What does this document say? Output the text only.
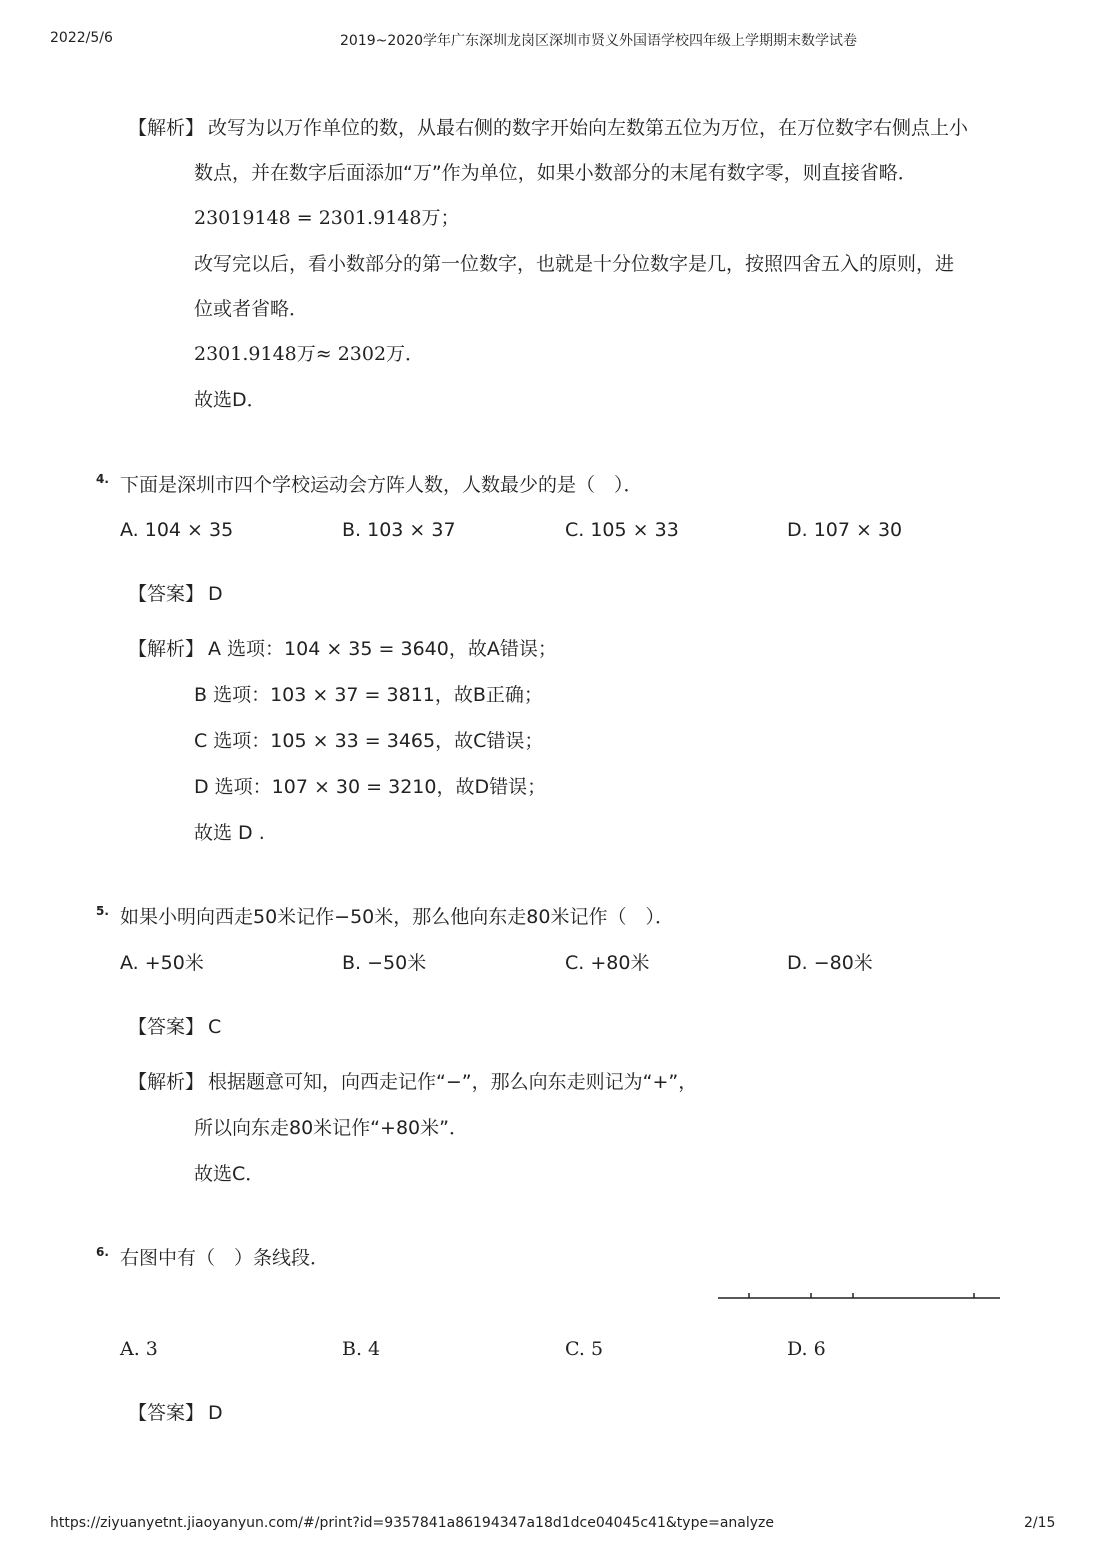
2022/5/6	2019~2020学年广东深圳龙岗区深圳市贤义外国语学校四年级上学期期末数学试卷
【解析】 改写为以万作单位的数，从最右侧的数字开始向左数第五位为万位，在万位数字右侧点上小
数点，并在数字后面添加“万”作为单位，如果小数部分的末尾有数字零，则直接省略．
23019148 = 2301.9148万；
改写完以后，看小数部分的第一位数字，也就是十分位数字是几，按照四舍五入的原则，进
位或者省略．
2301.9148万≈ 2302万．
故选D．
4. 下面是深圳市四个学校运动会方阵人数，人数最少的是（　）．
A. 104 × 35	B. 103 × 37	C. 105 × 33	D. 107 × 30
【答案】 D
【解析】 A 选项：104 × 35 = 3640，故A错误；
B 选项：103 × 37 = 3811，故B正确；
C 选项：105 × 33 = 3465，故C错误；
D 选项：107 × 30 = 3210，故D错误；
故选 D .
5. 如果小明向西走50米记作−50米，那么他向东走80米记作（　）．
A. +50米	B. −50米	C. +80米	D. −80米
【答案】 C
【解析】 根据题意可知，向西走记作“−”，那么向东走则记为“+”，
所以向东走80米记作“+80米”．
故选C．
6. 右图中有（　）条线段．
A. 3	B. 4	C. 5	D. 6
【答案】 D
https://ziyuanyetnt.jiaoyanyun.com/#/print?id=9357841a86194347a18d1dce04045c41&type=analyze	2/15
